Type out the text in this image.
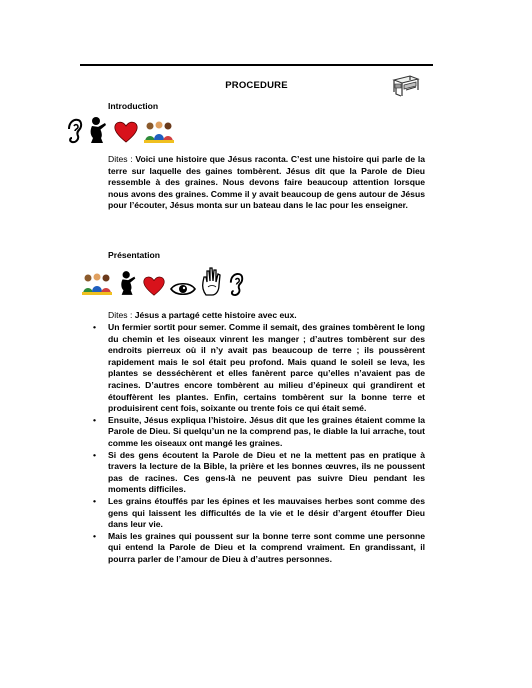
PROCEDURE
Introduction

Dites : Voici une histoire que Jésus raconta. C’est une histoire qui parle de la terre sur laquelle des gaines tombèrent. Jésus dit que la Parole de Dieu ressemble à des graines. Nous devons faire beaucoup attention lorsque nous avons des graines. Comme il y avait beaucoup de gens autour de Jésus pour l’écouter, Jésus monta sur un bateau dans le lac pour les enseigner.

Présentation

Dites : Jésus a partagé cette histoire avec eux.

• Un fermier sortit pour semer. Comme il semait, des graines tombèrent le long du chemin et les oiseaux vinrent les manger ; d’autres tombèrent sur des endroits pierreux où il n’y avait pas beaucoup de terre ; ils poussèrent rapidement mais le sol était peu profond. Mais quand le soleil se leva, les plantes se desséchèrent et elles fanèrent parce qu’elles n’avaient pas de racines. D’autres encore tombèrent au milieu d’épineux qui grandirent et étouffèrent les plantes. Enfin, certains tombèrent sur la bonne terre et produisirent cent fois, soixante ou trente fois ce qui était semé.
• Ensuite, Jésus expliqua l’histoire. Jésus dit que les graines étaient comme la Parole de Dieu. Si quelqu’un ne la comprend pas, le diable la lui arrache, tout comme les oiseaux ont mangé les graines.
• Si des gens écoutent la Parole de Dieu et ne la mettent pas en pratique à travers la lecture de la Bible, la prière et les bonnes œuvres, ils ne poussent pas de racines. Ces gens-là ne peuvent pas suivre Dieu pendant les moments difficiles.
• Les grains étouffés par les épines et les mauvaises herbes sont comme des gens qui laissent les difficultés de la vie et le désir d’argent étouffer Dieu dans leur vie.
• Mais les graines qui poussent sur la bonne terre sont comme une personne qui entend la Parole de Dieu et la comprend vraiment. En grandissant, il pourra parler de l’amour de Dieu à d’autres personnes.
